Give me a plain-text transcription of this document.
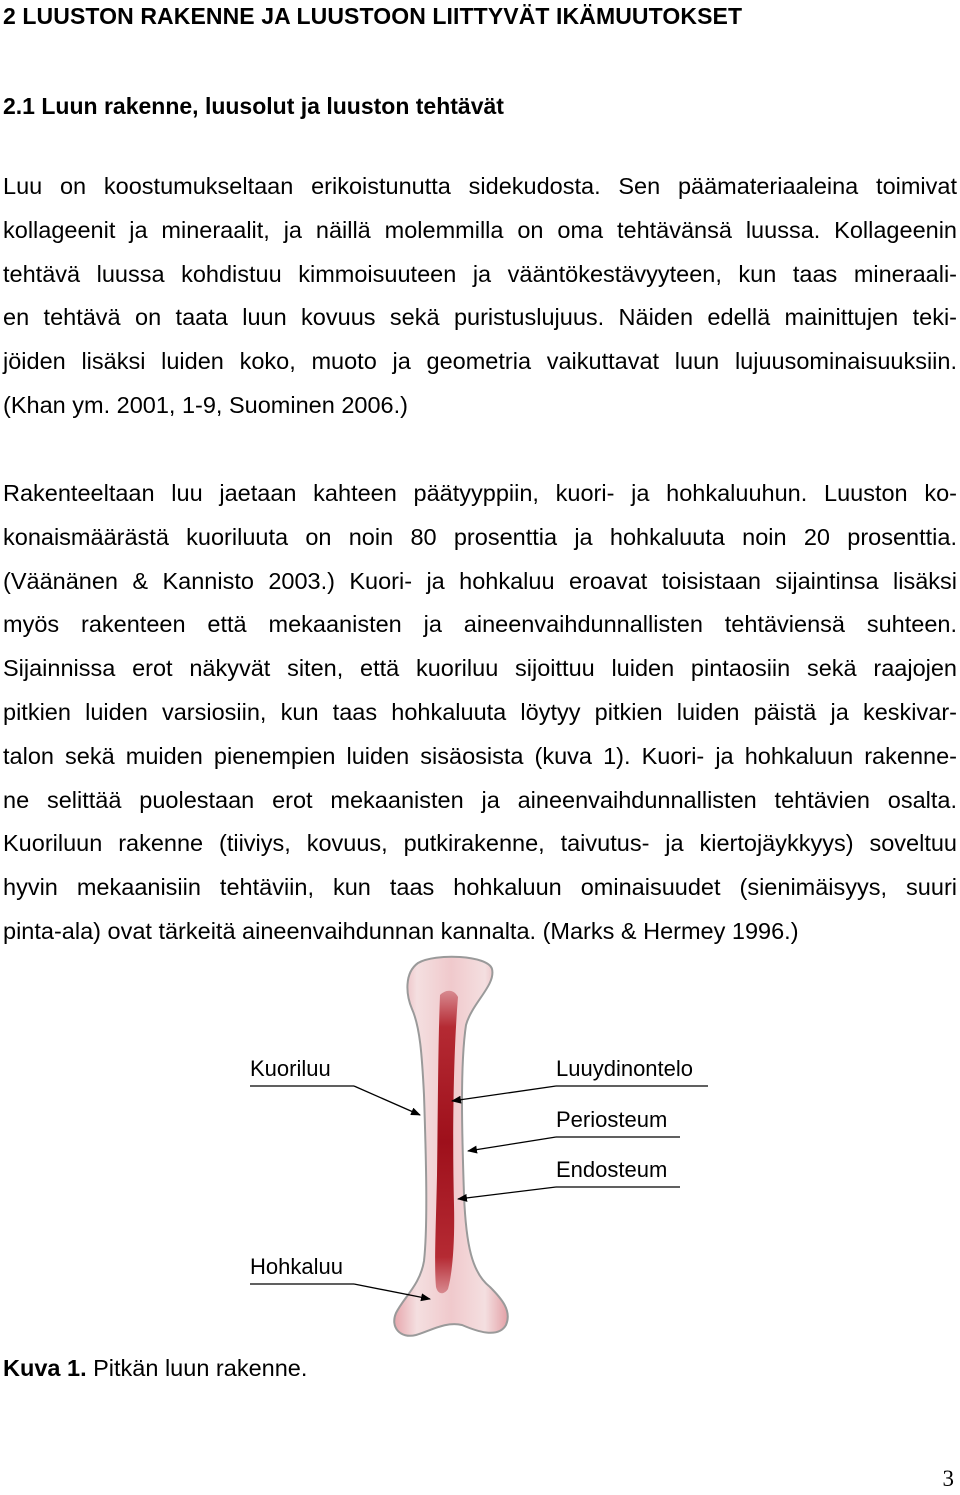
2 LUUSTON RAKENNE JA LUUSTOON LIITTYVÄT IKÄMUUTOKSET
2.1 Luun rakenne, luusolut ja luuston tehtävät
Luu on koostumukseltaan erikoistunutta sidekudosta. Sen päämateriaaleina toimivat
kollageenit ja mineraalit, ja näillä molemmilla on oma tehtävänsä luussa. Kollageenin
tehtävä luussa kohdistuu kimmoisuuteen ja vääntökestävyyteen, kun taas mineraali-
en tehtävä on taata luun kovuus sekä puristuslujuus. Näiden edellä mainittujen teki-
jöiden lisäksi luiden koko, muoto ja geometria vaikuttavat luun lujuusominaisuuksiin.
(Khan ym. 2001, 1-9, Suominen 2006.)
Rakenteeltaan luu jaetaan kahteen päätyyppiin, kuori- ja hohkaluuhun. Luuston ko-
konaismäärästä kuoriluuta on noin 80 prosenttia ja hohkaluuta noin 20 prosenttia.
(Väänänen & Kannisto 2003.) Kuori- ja hohkaluu eroavat toisistaan sijaintinsa lisäksi
myös rakenteen että mekaanisten ja aineenvaihdunnallisten tehtäviensä suhteen.
Sijainnissa erot näkyvät siten, että kuoriluu sijoittuu luiden pintaosiin sekä raajojen
pitkien luiden varsiosiin, kun taas hohkaluuta löytyy pitkien luiden päistä ja keskivar-
talon sekä muiden pienempien luiden sisäosista (kuva 1). Kuori- ja hohkaluun rakenne-
ne selittää puolestaan erot mekaanisten ja aineenvaihdunnallisten tehtävien osalta.
Kuoriluun rakenne (tiiviys, kovuus, putkirakenne, taivutus- ja kiertojäykkyys) soveltuu
hyvin mekaanisiin tehtäviin, kun taas hohkaluun ominaisuudet (sienimäisyys, suuri
pinta-ala) ovat tärkeitä aineenvaihdunnan kannalta. (Marks & Hermey 1996.)
Kuoriluu	Luuydinontelo
Periosteum
Endosteum
Hohkaluu
Kuva 1. Pitkän luun rakenne.
3
